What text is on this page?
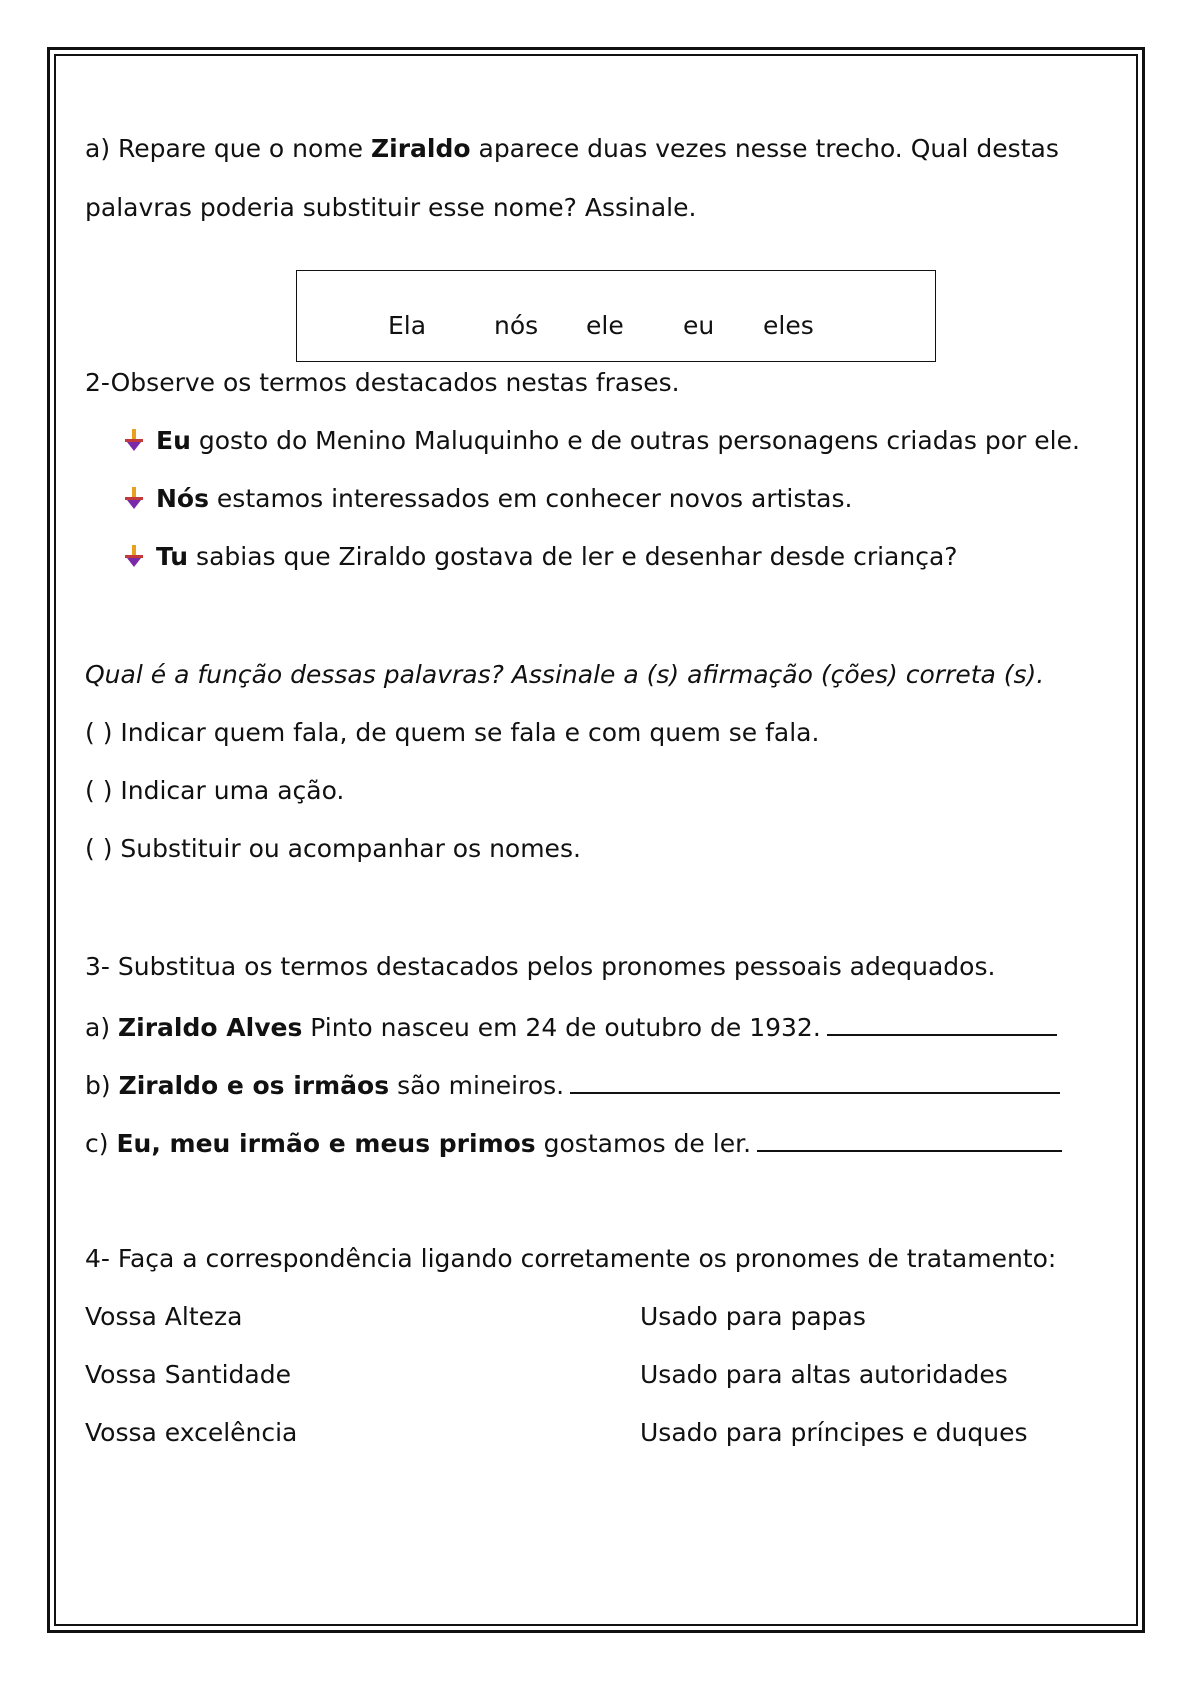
a) Repare que o nome Ziraldo aparece duas vezes nesse trecho. Qual destas
palavras poderia substituir esse nome? Assinale.
Ela	nós ele eu eles
2-Observe os termos destacados nestas frases.
Eu gosto do Menino Maluquinho e de outras personagens criadas por ele.
Nós estamos interessados em conhecer novos artistas.
Tu sabias que Ziraldo gostava de ler e desenhar desde criança?
Qual é a função dessas palavras? Assinale a (s) afirmação (ções) correta (s).
( ) Indicar quem fala, de quem se fala e com quem se fala.
( ) Indicar uma ação.
( ) Substituir ou acompanhar os nomes.
3- Substitua os termos destacados pelos pronomes pessoais adequados.
a) Ziraldo Alves Pinto nasceu em 24 de outubro de 1932.
b) Ziraldo e os irmãos são mineiros.
c) Eu, meu irmão e meus primos gostamos de ler.
4- Faça a correspondência ligando corretamente os pronomes de tratamento:
Vossa Alteza
Vossa Santidade
Vossa excelência
Usado para papas
Usado para altas autoridades
Usado para príncipes e duques
